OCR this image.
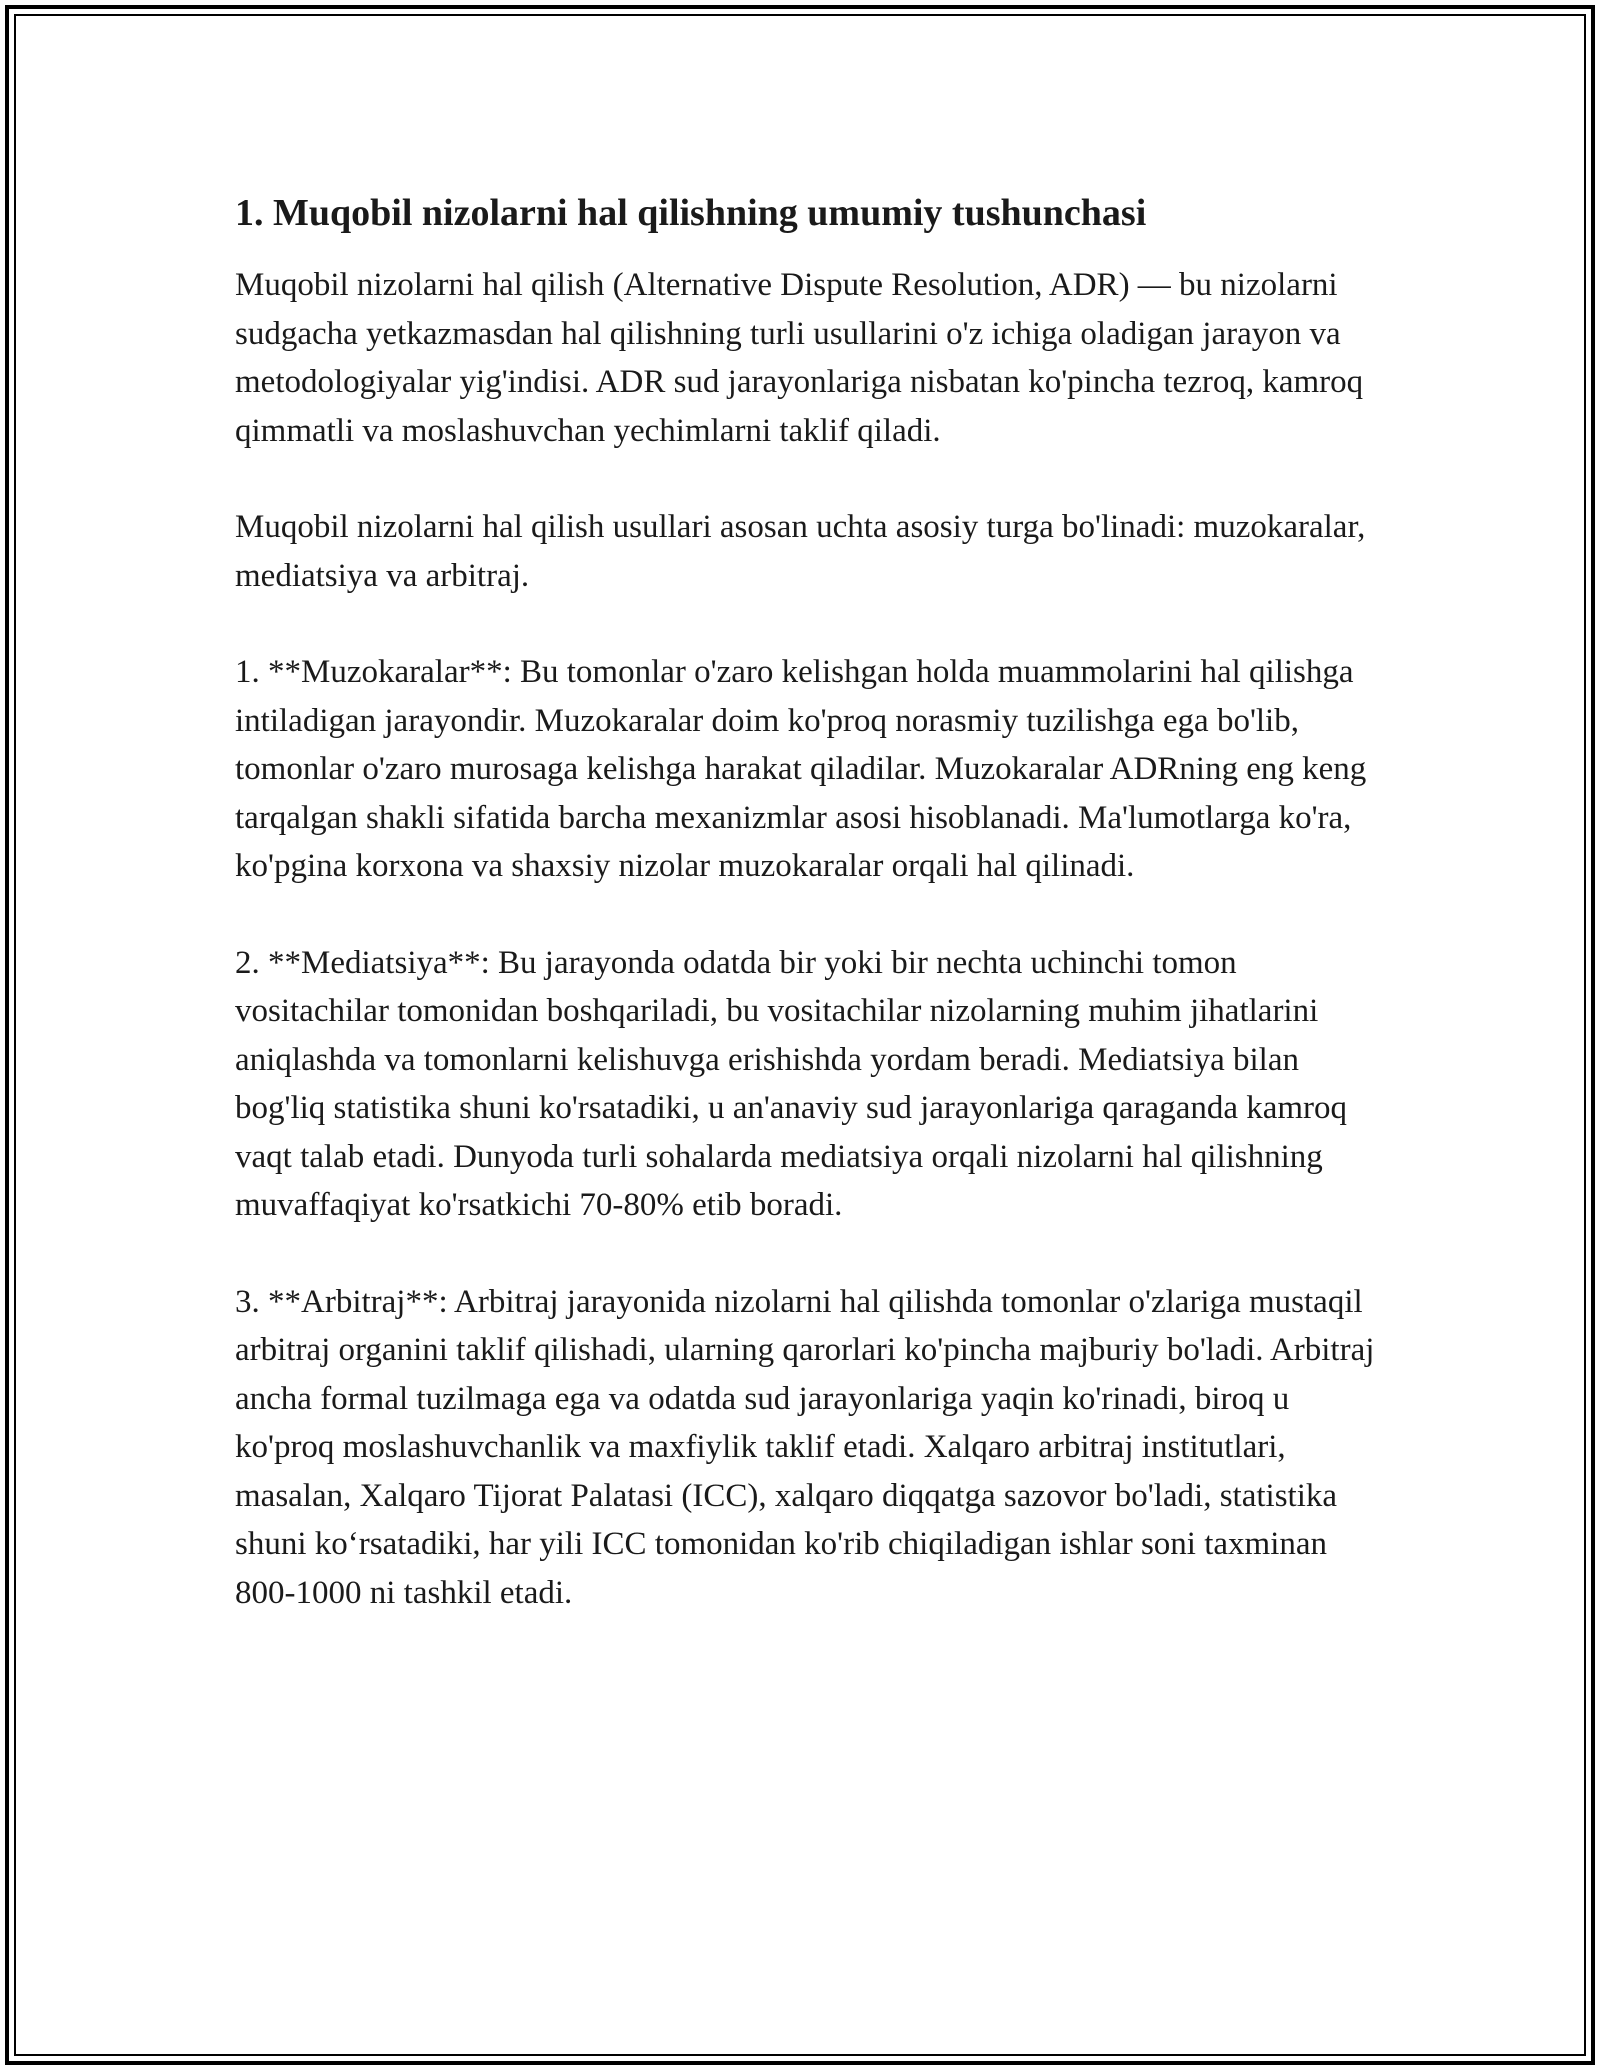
1. Muqobil nizolarni hal qilishning umumiy tushunchasi

Muqobil nizolarni hal qilish (Alternative Dispute Resolution, ADR) — bu nizolarni sudgacha yetkazmasdan hal qilishning turli usullarini o'z ichiga oladigan jarayon va metodologiyalar yig'indisi. ADR sud jarayonlariga nisbatan ko'pincha tezroq, kamroq qimmatli va moslashuvchan yechimlarni taklif qiladi.

Muqobil nizolarni hal qilish usullari asosan uchta asosiy turga bo'linadi: muzokaralar, mediatsiya va arbitraj.

1. **Muzokaralar**: Bu tomonlar o'zaro kelishgan holda muammolarini hal qilishga intiladigan jarayondir. Muzokaralar doim ko'proq norasmiy tuzilishga ega bo'lib, tomonlar o'zaro murosaga kelishga harakat qiladilar. Muzokaralar ADRning eng keng tarqalgan shakli sifatida barcha mexanizmlar asosi hisoblanadi. Ma'lumotlarga ko'ra, ko'pgina korxona va shaxsiy nizolar muzokaralar orqali hal qilinadi.

2. **Mediatsiya**: Bu jarayonda odatda bir yoki bir nechta uchinchi tomon vositachilar tomonidan boshqariladi, bu vositachilar nizolarning muhim jihatlarini aniqlashda va tomonlarni kelishuvga erishishda yordam beradi. Mediatsiya bilan bog'liq statistika shuni ko'rsatadiki, u an'anaviy sud jarayonlariga qaraganda kamroq vaqt talab etadi. Dunyoda turli sohalarda mediatsiya orqali nizolarni hal qilishning muvaffaqiyat ko'rsatkichi 70-80% etib boradi.

3. **Arbitraj**: Arbitraj jarayonida nizolarni hal qilishda tomonlar o'zlariga mustaqil arbitraj organini taklif qilishadi, ularning qarorlari ko'pincha majburiy bo'ladi. Arbitraj ancha formal tuzilmaga ega va odatda sud jarayonlariga yaqin ko'rinadi, biroq u ko'proq moslashuvchanlik va maxfiylik taklif etadi. Xalqaro arbitraj institutlari, masalan, Xalqaro Tijorat Palatasi (ICC), xalqaro diqqatga sazovor bo'ladi, statistika shuni ko‘rsatadiki, har yili ICC tomonidan ko'rib chiqiladigan ishlar soni taxminan 800-1000 ni tashkil etadi.
